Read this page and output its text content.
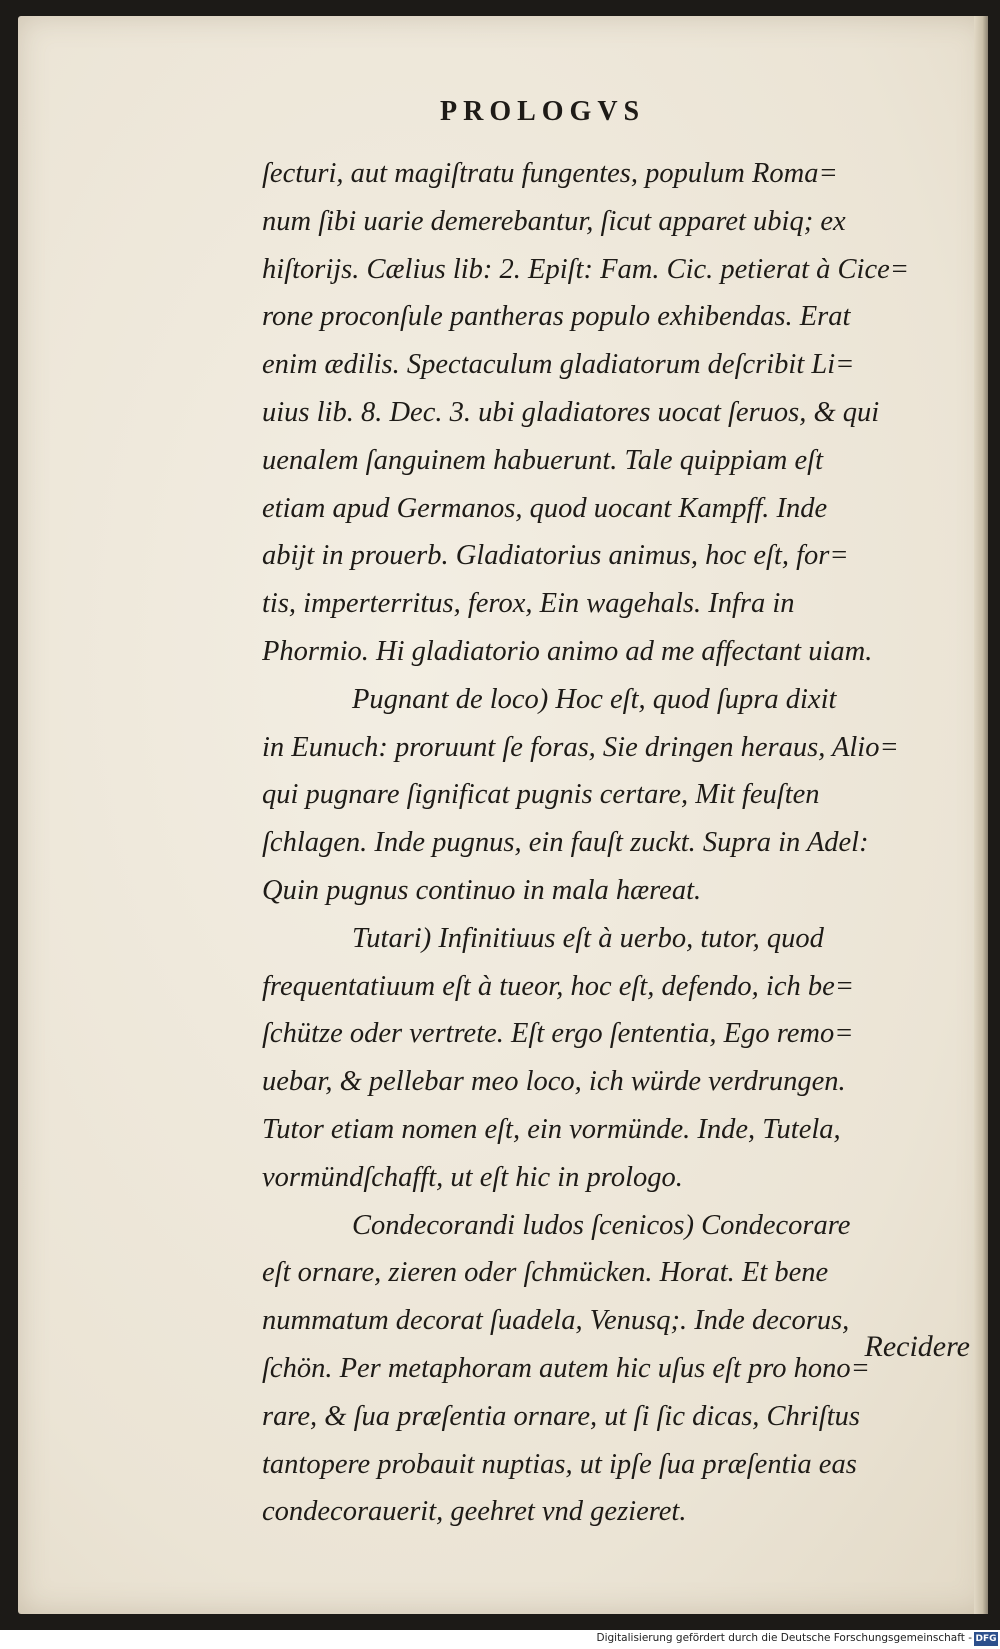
PROLOGVS
ſecturi, aut magiſtratu fungentes, populum Roma=
num ſibi uarie demerebantur, ſicut apparet ubiq; ex
hiſtorijs. Cælius lib: 2. Epiſt: Fam. Cic. petierat à Cice=
rone proconſule pantheras populo exhibendas. Erat
enim ædilis. Spectaculum gladiatorum deſcribit Li=
uius lib. 8. Dec. 3. ubi gladiatores uocat ſeruos, & qui
uenalem ſanguinem habuerunt. Tale quippiam eſt
etiam apud Germanos, quod uocant Kampff. Inde
abijt in prouerb. Gladiatorius animus, hoc eſt, for=
tis, imperterritus, ferox, Ein wagehals. Infra in
Phormio. Hi gladiatorio animo ad me affectant uiam.
Pugnant de loco) Hoc eſt, quod ſupra dixit
in Eunuch: proruunt ſe foras, Sie dringen heraus, Alio=
qui pugnare ſignificat pugnis certare, Mit feuſten
ſchlagen. Inde pugnus, ein fauſt zuckt. Supra in Adel:
Quin pugnus continuo in mala hæreat.
Tutari) Infinitiuus eſt à uerbo, tutor, quod
frequentatiuum eſt à tueor, hoc eſt, defendo, ich be=
ſchütze oder vertrete. Eſt ergo ſententia, Ego remo=
uebar, & pellebar meo loco, ich würde verdrungen.
Tutor etiam nomen eſt, ein vormünde. Inde, Tutela,
vormündſchafft, ut eſt hic in prologo.
Condecorandi ludos ſcenicos) Condecorare
eſt ornare, zieren oder ſchmücken. Horat. Et bene
nummatum decorat ſuadela, Venusq;. Inde decorus,
ſchön. Per metaphoram autem hic uſus eſt pro hono=
rare, & ſua præſentia ornare, ut ſi ſic dicas, Chriſtus
tantopere probauit nuptias, ut ipſe ſua præſentia eas
condecorauerit, geehret vnd gezieret.
Recidere
Digitalisierung gefördert durch die Deutsche Forschungsgemeinschaft - DFG
